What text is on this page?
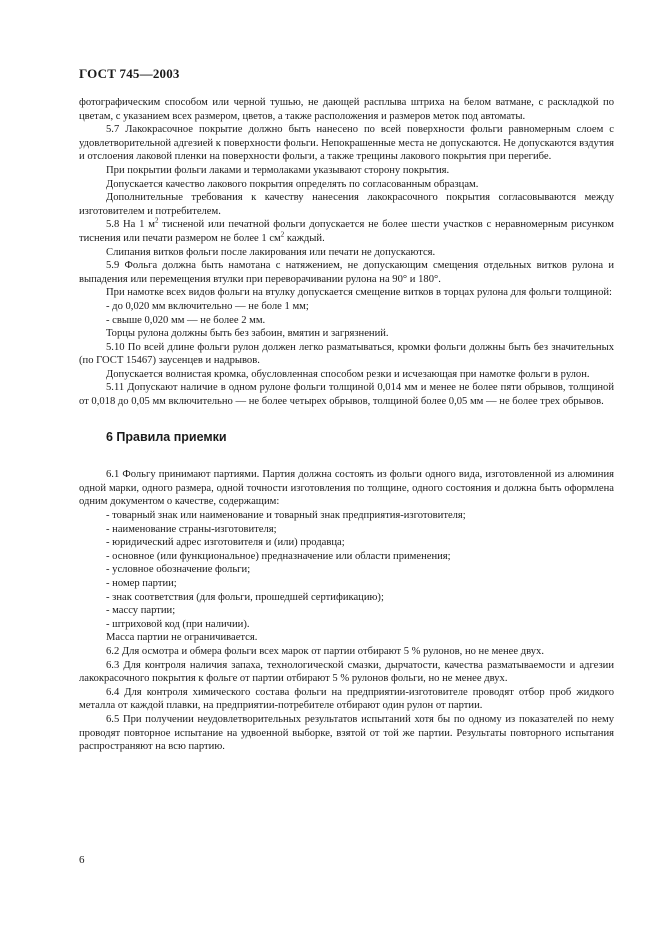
ГОСТ 745—2003

фотографическим способом или черной тушью, не дающей расплыва штриха на белом ватмане, с раскладкой по цветам, с указанием всех размером, цветов, а также расположения и размеров меток под автоматы.

5.7 Лакокрасочное покрытие должно быть нанесено по всей поверхности фольги равномерным слоем с удовлетворительной адгезией к поверхности фольги. Непокрашенные места не допускаются. Не допускаются вздутия и отслоения лаковой пленки на поверхности фольги, а также трещины лакового покрытия при перегибе.

При покрытии фольги лаками и термолаками указывают сторону покрытия.

Допускается качество лакового покрытия определять по согласованным образцам.

Дополнительные требования к качеству нанесения лакокрасочного покрытия согласовываются между изготовителем и потребителем.

5.8 На 1 $м^2$ тисненой или печатной фольги допускается не более шести участков с неравномерным рисунком тиснения или печати размером не более 1 $см^2$ каждый.

Слипания витков фольги после лакирования или печати не допускаются.

5.9 Фольга должна быть намотана с натяжением, не допускающим смещения отдельных витков рулона и выпадения или перемещения втулки при переворачивании рулона на 90° и 180°.

При намотке всех видов фольги на втулку допускается смещение витков в торцах рулона для фольги толщиной:

- до 0,020 мм включительно — не боле 1 мм;

- свыше 0,020 мм — не более 2 мм.

Торцы рулона должны быть без забоин, вмятин и загрязнений.

5.10 По всей длине фольги рулон должен легко разматываться, кромки фольги должны быть без значительных (по ГОСТ 15467) заусенцев и надрывов.

Допускается волнистая кромка, обусловленная способом резки и исчезающая при намотке фольги в рулон.

5.11 Допускают наличие в одном рулоне фольги толщиной 0,014 мм и менее не более пяти обрывов, толщиной от 0,018 до 0,05 мм включительно — не более четырех обрывов, толщиной более 0,05 мм — не более трех обрывов.

6 Правила приемки

6.1 Фольгу принимают партиями. Партия должна состоять из фольги одного вида, изготовленной из алюминия одной марки, одного размера, одной точности изготовления по толщине, одного состояния и должна быть оформлена одним документом о качестве, содержащим:

- товарный знак или наименование и товарный знак предприятия-изготовителя;

- наименование страны-изготовителя;

- юридический адрес изготовителя и (или) продавца;

- основное (или функциональное) предназначение или области применения;

- условное обозначение фольги;

- номер партии;

- знак соответствия (для фольги, прошедшей сертификацию);

- массу партии;

- штриховой код (при наличии).

Масса партии не ограничивается.

6.2 Для осмотра и обмера фольги всех марок от партии отбирают 5 % рулонов, но не менее двух.

6.3 Для контроля наличия запаха, технологической смазки, дырчатости, качества разматываемости и адгезии лакокрасочного покрытия к фольге от партии отбирают 5 % рулонов фольги, но не менее двух.

6.4 Для контроля химического состава фольги на предприятии-изготовителе проводят отбор проб жидкого металла от каждой плавки, на предприятии-потребителе отбирают один рулон от партии.

6.5 При получении неудовлетворительных результатов испытаний хотя бы по одному из показателей по нему проводят повторное испытание на удвоенной выборке, взятой от той же партии. Результаты повторного испытания распространяют на всю партию.

6
